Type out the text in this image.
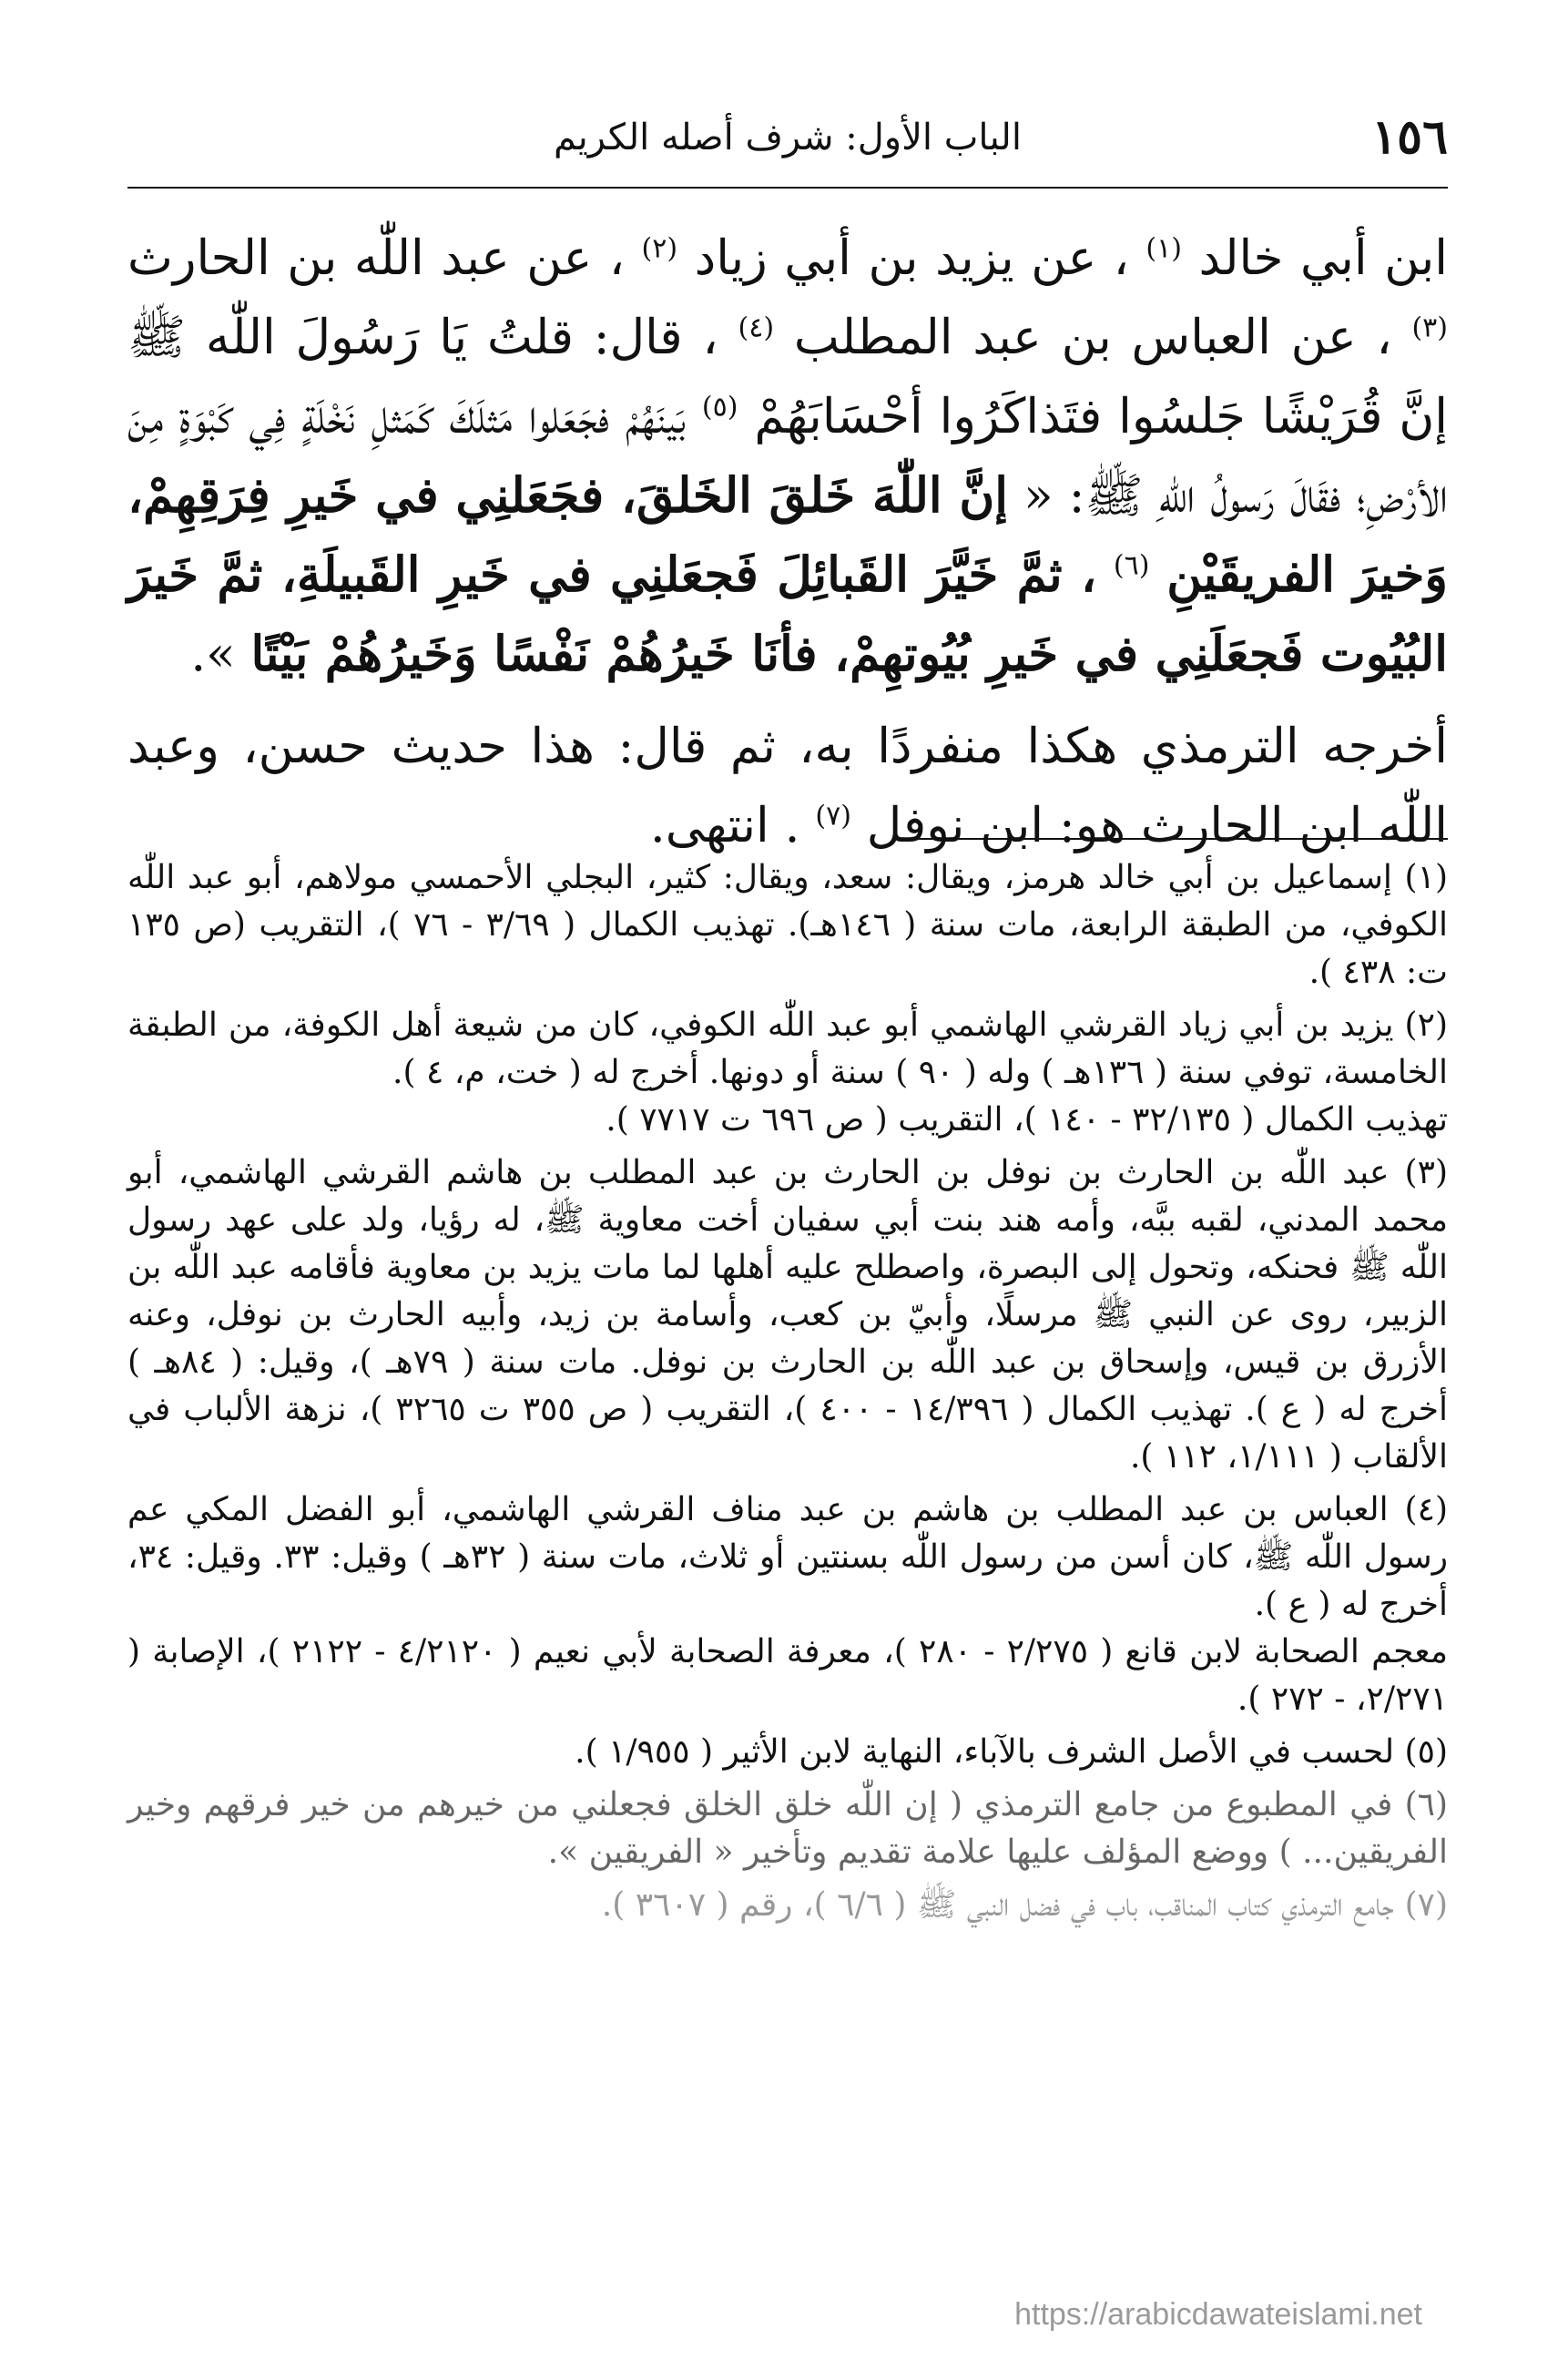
١٥٦
الباب الأول: شرف أصله الكريم

ابن أبي خالد $^{(١)}$ ، عن يزيد بن أبي زياد $^{(٢)}$ ، عن عبد اللّٰه بن الحارث $^{(٣)}$ ، عن العباس بن عبد المطلب $^{(٤)}$ ، قال: قلتُ يَا رَسُولَ اللّٰه ﷺ إنَّ قُرَيْشًا جَلسُوا فتَذاكَرُوا أحْسَابَهُمْ $^{(٥)}$ بَينَهُمْ فجَعَلوا مَثلَكَ كَمَثلِ نَخْلَةٍ فِي كَبْوَةٍ مِنَ الأرْضِ؛ فقَالَ رَسولُ اللهِ ﷺ: « إنَّ اللّٰهَ خَلقَ الخَلقَ، فجَعَلنِي في خَيرِ فِرَقِهِمْ، وَخيرَ الفريقَيْنِ $^{(٦)}$ ، ثمَّ خَيَّرَ القَبائِلَ فَجعَلنِي في خَيرِ القَبيلَةِ، ثمَّ خَيرَ البُيُوت فَجعَلَنِي في خَيرِ بُيُوتهِمْ، فأنَا خَيرُهُمْ نَفْسًا وَخَيرُهُمْ بَيْتًا ».

أخرجه الترمذي هكذا منفردًا به، ثم قال: هذا حديث حسن، وعبد اللّٰه ابن الحارث هو: ابن نوفل $^{(٧)}$ . انتهى.

(١) إسماعيل بن أبي خالد هرمز، ويقال: سعد، ويقال: كثير، البجلي الأحمسي مولاهم، أبو عبد اللّٰه الكوفي، من الطبقة الرابعة، مات سنة ( ١٤٦هـ). تهذيب الكمال ( ٣/٦٩ - ٧٦ )، التقريب (ص ١٣٥ ت: ٤٣٨ ).

(٢) يزيد بن أبي زياد القرشي الهاشمي أبو عبد اللّٰه الكوفي، كان من شيعة أهل الكوفة، من الطبقة الخامسة، توفي سنة ( ١٣٦هـ ) وله ( ٩٠ ) سنة أو دونها. أخرج له ( خت، م، ٤ ).

تهذيب الكمال ( ٣٢/١٣٥ - ١٤٠ )، التقريب ( ص ٦٩٦ ت ٧٧١٧ ).

(٣) عبد اللّٰه بن الحارث بن نوفل بن الحارث بن عبد المطلب بن هاشم القرشي الهاشمي، أبو محمد المدني، لقبه ببَّه، وأمه هند بنت أبي سفيان أخت معاوية ﷺ، له رؤيا، ولد على عهد رسول اللّٰه ﷺ فحنكه، وتحول إلى البصرة، واصطلح عليه أهلها لما مات يزيد بن معاوية فأقامه عبد اللّٰه بن الزبير، روى عن النبي ﷺ مرسلًا، وأبيّ بن كعب، وأسامة بن زيد، وأبيه الحارث بن نوفل، وعنه الأزرق بن قيس، وإسحاق بن عبد اللّٰه بن الحارث بن نوفل. مات سنة ( ٧٩هـ )، وقيل: ( ٨٤هـ ) أخرج له ( ع ). تهذيب الكمال ( ١٤/٣٩٦ - ٤٠٠ )، التقريب ( ص ٣٥٥ ت ٣٢٦٥ )، نزهة الألباب في الألقاب ( ١/١١١، ١١٢ ).

(٤) العباس بن عبد المطلب بن هاشم بن عبد مناف القرشي الهاشمي، أبو الفضل المكي عم رسول اللّٰه ﷺ، كان أسن من رسول اللّٰه بسنتين أو ثلاث، مات سنة ( ٣٢هـ ) وقيل: ٣٣. وقيل: ٣٤، أخرج له ( ع ).

معجم الصحابة لابن قانع ( ٢/٢٧٥ - ٢٨٠ )، معرفة الصحابة لأبي نعيم ( ٤/٢١٢٠ - ٢١٢٢ )، الإصابة ( ٢/٢٧١، - ٢٧٢ ).

(٥) لحسب في الأصل الشرف بالآباء، النهاية لابن الأثير ( ١/٩٥٥ ).

(٦) في المطبوع من جامع الترمذي ( إن اللّٰه خلق الخلق فجعلني من خيرهم من خير فرقهم وخير الفريقين... ) ووضع المؤلف عليها علامة تقديم وتأخير « الفريقين ».

(٧) جامع الترمذي كتاب المناقب، باب في فضل النبي ﷺ ( ٦/٦ )، رقم ( ٣٦٠٧ ).

https://arabicdawateislami.net
